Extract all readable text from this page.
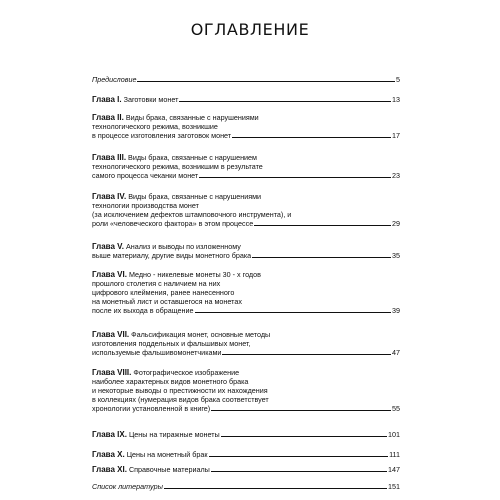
ОГЛАВЛЕНИЕ
Предисловие	5
Глава I. Заготовки монет	13
Глава II. Виды брака, связанные с нарушениями
технологического режима, возникшие
в процессе изготовления заготовок монет	17
Глава III. Виды брака, связанные с нарушением
технологического режима, возникшим в результате
самого процесса чеканки монет	23
Глава IV. Виды брака, связанные с нарушениями
технологии производства монет
(за исключением дефектов штамповочного инструмента), и
роли «человеческого фактора» в этом процессе	29
Глава V. Анализ и выводы по изложенному
выше материалу, другие виды монетного брака	35
Глава VI. Медно - никелевые монеты 30 - х годов
прошлого столетия с наличием на них
цифрового клеймения, ранее нанесенного
на монетный лист и оставшегося на монетах
после их выхода в обращение	39
Глава VII. Фальсификация монет, основные методы
изготовления поддельных и фальшивых монет,
используемые фальшивомонетчиками	47
Глава VIII. Фотографическое изображение
наиболее характерных видов монетного брака
и некоторые выводы о престижности их нахождения
в коллекциях (нумерация видов брака соответствует
хронологии установленной в книге)	55
Глава IX. Цены на тиражные монеты	101
Глава X. Цены на монетный брак	111
Глава XI. Справочные материалы	147
Список литературы	151
